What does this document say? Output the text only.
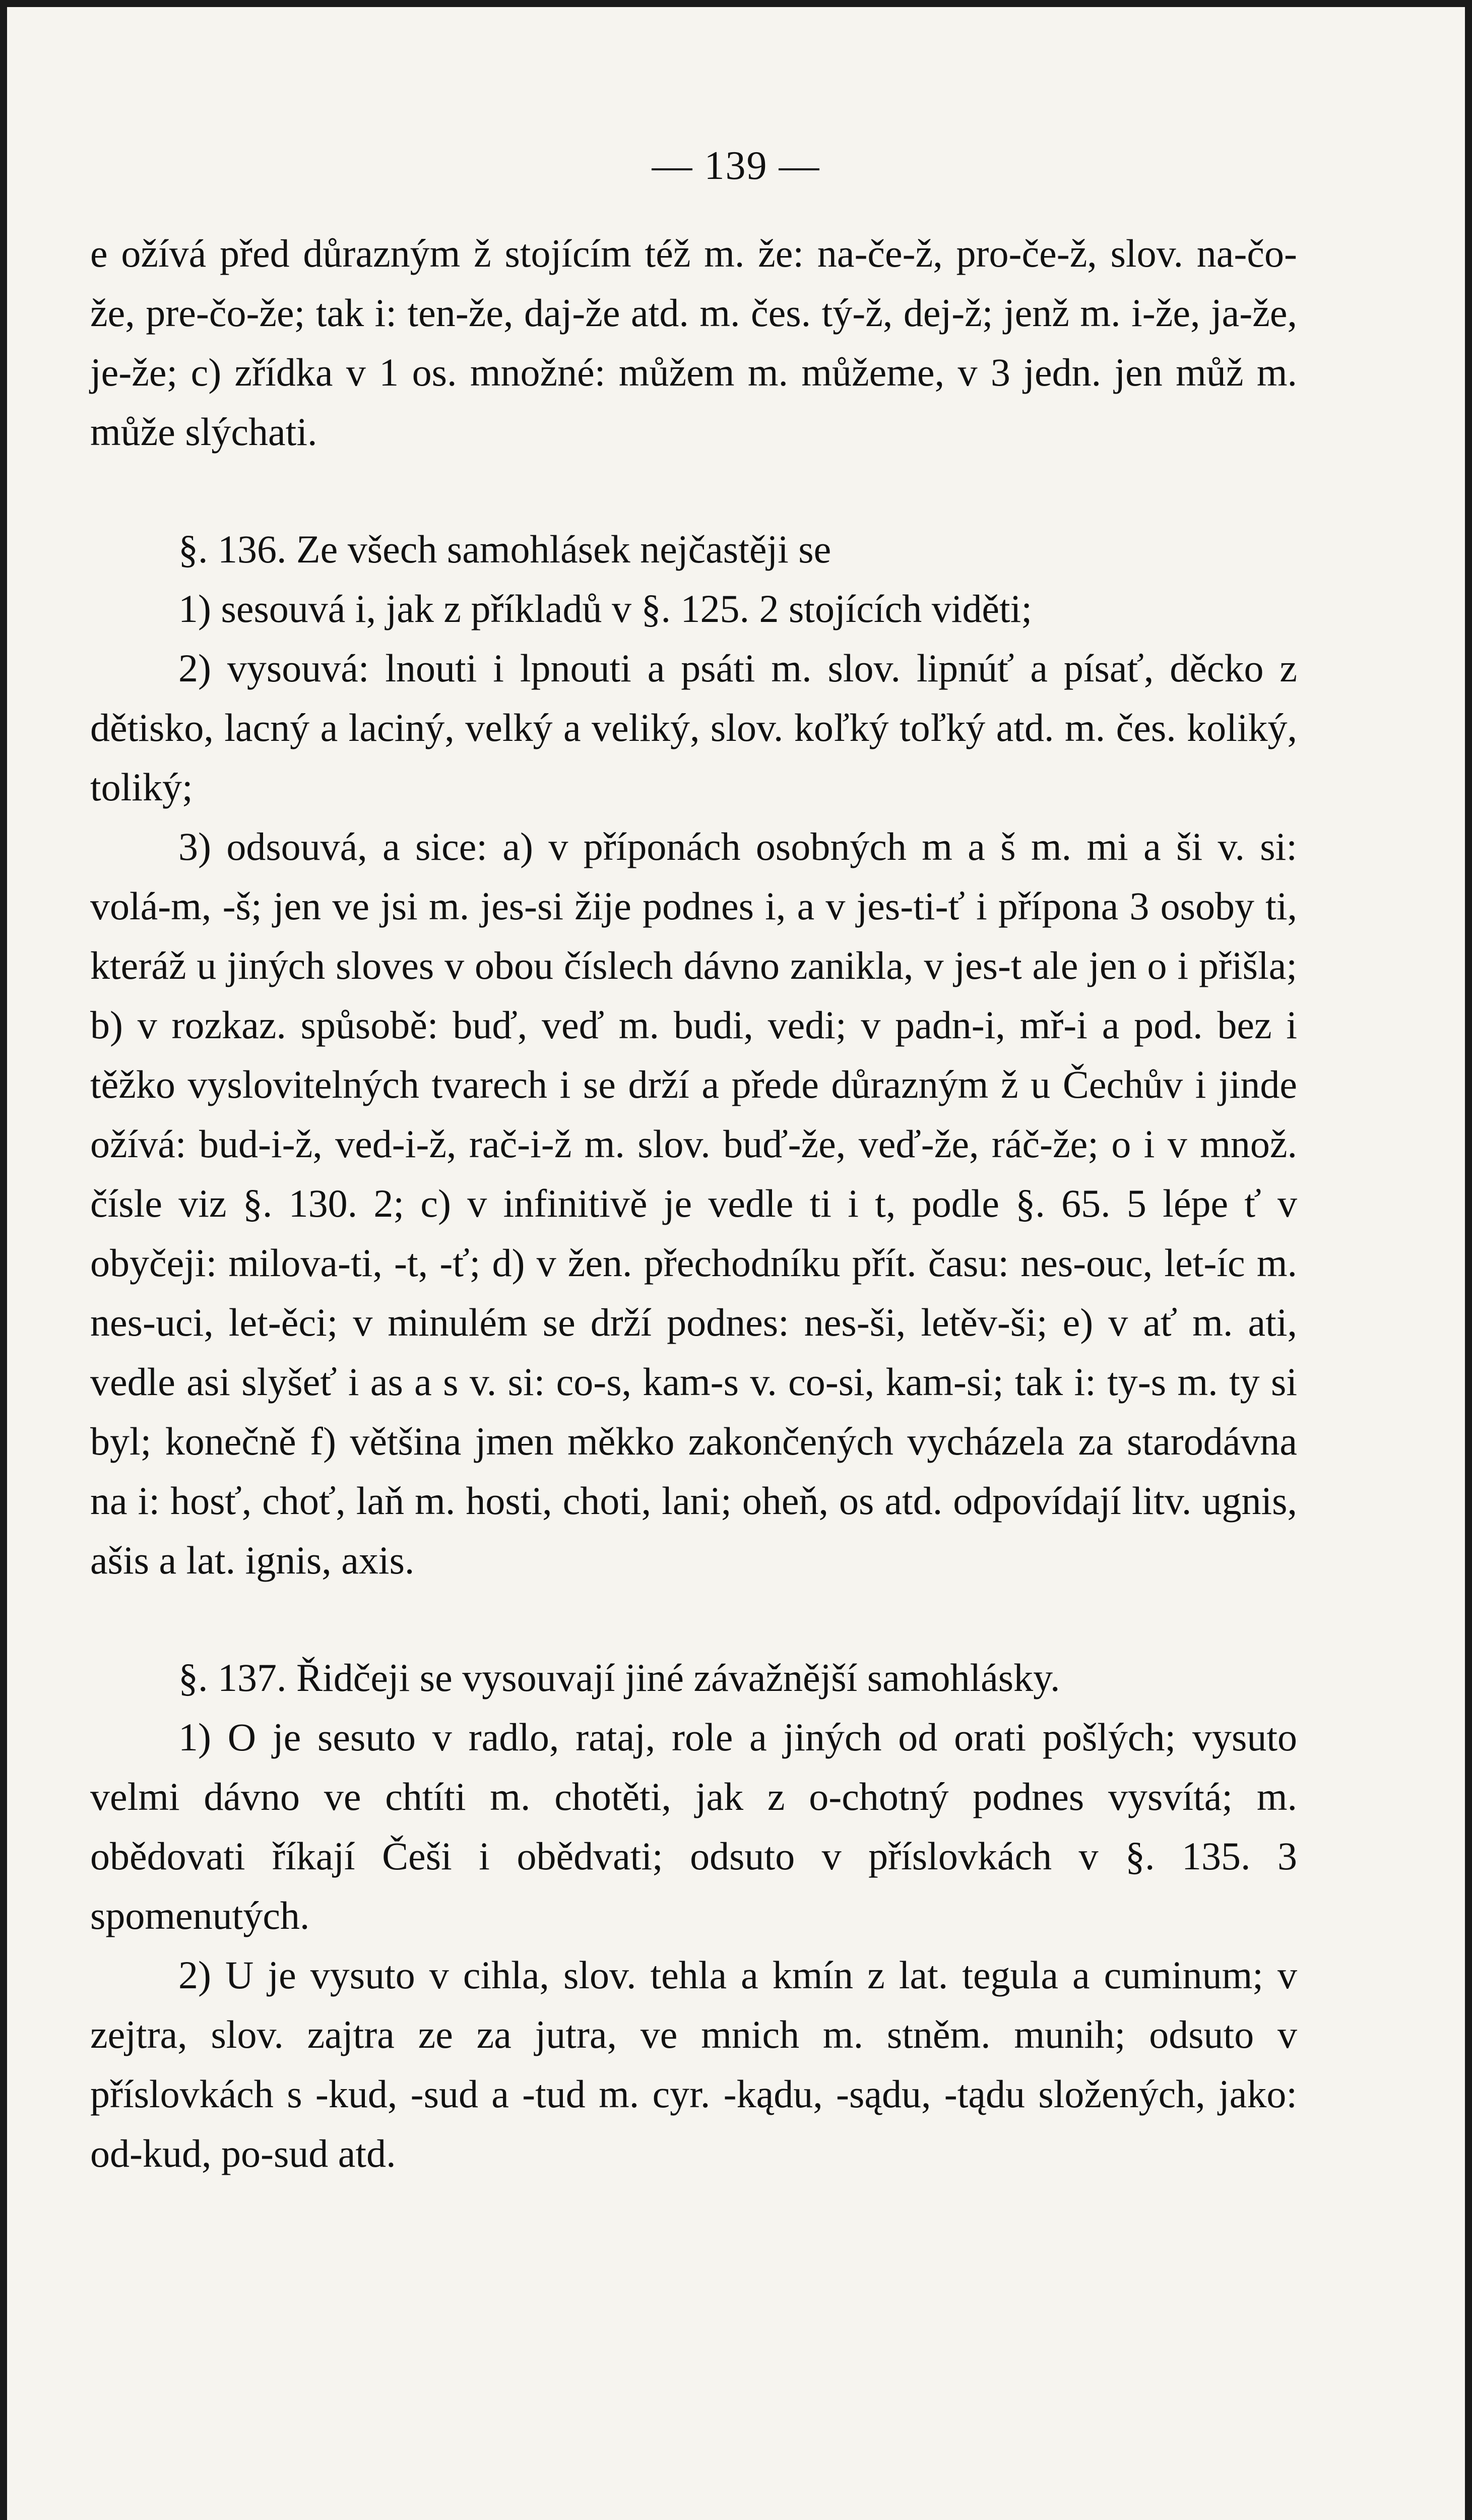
— 139 —

e ožívá před důrazným ž stojícím též m. že: na-če-ž, pro-če-ž, slov. na-čo-že, pre-čo-že; tak i: ten-že, daj-že atd. m. čes. tý-ž, dej-ž; jenž m. i-že, ja-že, je-že; c) zřídka v 1 os. množné: můžem m. můžeme, v 3 jedn. jen můž m. může slýchati.

§. 136. Ze všech samohlásek nejčastěji se

1) sesouvá i, jak z příkladů v §. 125. 2 stojících viděti;

2) vysouvá: lnouti i lpnouti a psáti m. slov. lipnúť a písať, děcko z dětisko, lacný a laciný, velký a veliký, slov. koľký toľký atd. m. čes. koliký, toliký;

3) odsouvá, a sice: a) v příponách osobných m a š m. mi a ši v. si: volá-m, -š; jen ve jsi m. jes-si žije podnes i, a v jes-ti-ť i přípona 3 osoby ti, kteráž u jiných sloves v obou číslech dávno zanikla, v jes-t ale jen o i přišla; b) v rozkaz. spůsobě: buď, veď m. budi, vedi; v padn-i, mř-i a pod. bez i těžko vyslovitelných tvarech i se drží a přede důrazným ž u Čechův i jinde ožívá: bud-i-ž, ved-i-ž, rač-i-ž m. slov. buď-že, veď-že, ráč-že; o i v množ. čísle viz §. 130. 2; c) v infinitivě je vedle ti i t, podle §. 65. 5 lépe ť v obyčeji: milova-ti, -t, -ť; d) v žen. přechodníku přít. času: nes-ouc, let-íc m. nes-uci, let-ěci; v minulém se drží podnes: nes-ši, letěv-ši; e) v ať m. ati, vedle asi slyšeť i as a s v. si: co-s, kam-s v. co-si, kam-si; tak i: ty-s m. ty si byl; konečně f) většina jmen měkko zakončených vycházela za starodávna na i: hosť, choť, laň m. hosti, choti, lani; oheň, os atd. odpovídají litv. ugnis, ašis a lat. ignis, axis.

§. 137. Řidčeji se vysouvají jiné závažnější samohlásky.

1) O je sesuto v radlo, rataj, role a jiných od orati pošlých; vysuto velmi dávno ve chtíti m. chotěti, jak z o-chotný podnes vysvítá; m. obědovati říkají Češi i obědvati; odsuto v příslovkách v §. 135. 3 spomenutých.

2) U je vysuto v cihla, slov. tehla a kmín z lat. tegula a cuminum; v zejtra, slov. zajtra ze za jutra, ve mnich m. stněm. munih; odsuto v příslovkách s -kud, -sud a -tud m. cyr. -kądu, -sądu, -tądu složených, jako: od-kud, po-sud atd.
